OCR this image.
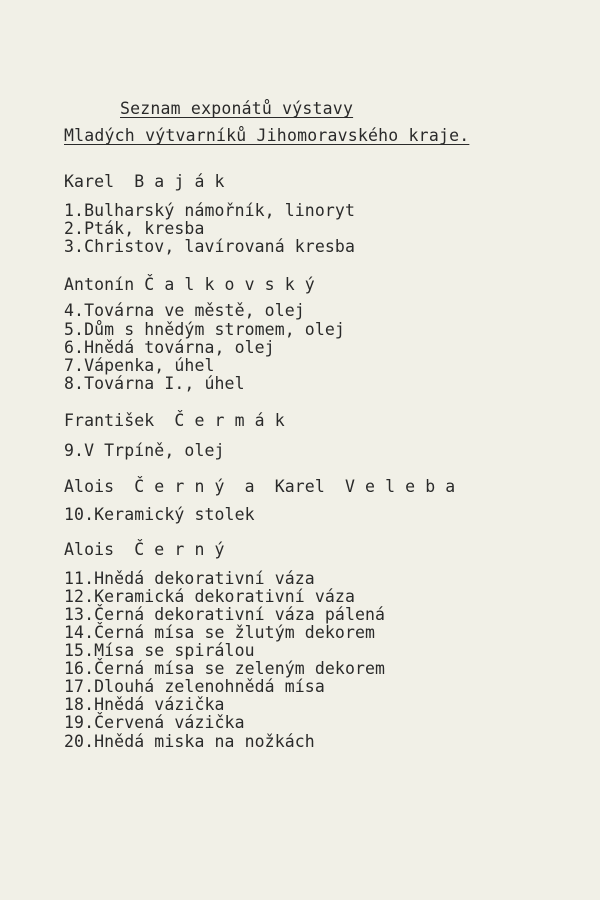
Seznam exponátů výstavy
Mladých výtvarníků Jihomoravského kraje.
Karel  B a j á k
1.Bulharský námořník, linoryt
2.Pták, kresba
3.Christov, lavírovaná kresba
Antonín Č a l k o v s k ý
4.Továrna ve městě, olej
5.Dům s hnědým stromem, olej
6.Hnědá továrna, olej
7.Vápenka, úhel
8.Továrna I., úhel
František  Č e r m á k
9.V Trpíně, olej
Alois  Č e r n ý  a  Karel  V e l e b a
10.Keramický stolek
Alois  Č e r n ý
11.Hnědá dekorativní váza
12.Keramická dekorativní váza
13.Černá dekorativní váza pálená
14.Černá mísa se žlutým dekorem
15.Mísa se spirálou
16.Černá mísa se zeleným dekorem
17.Dlouhá zelenohnědá mísa
18.Hnědá vázička
19.Červená vázička
20.Hnědá miska na nožkách
